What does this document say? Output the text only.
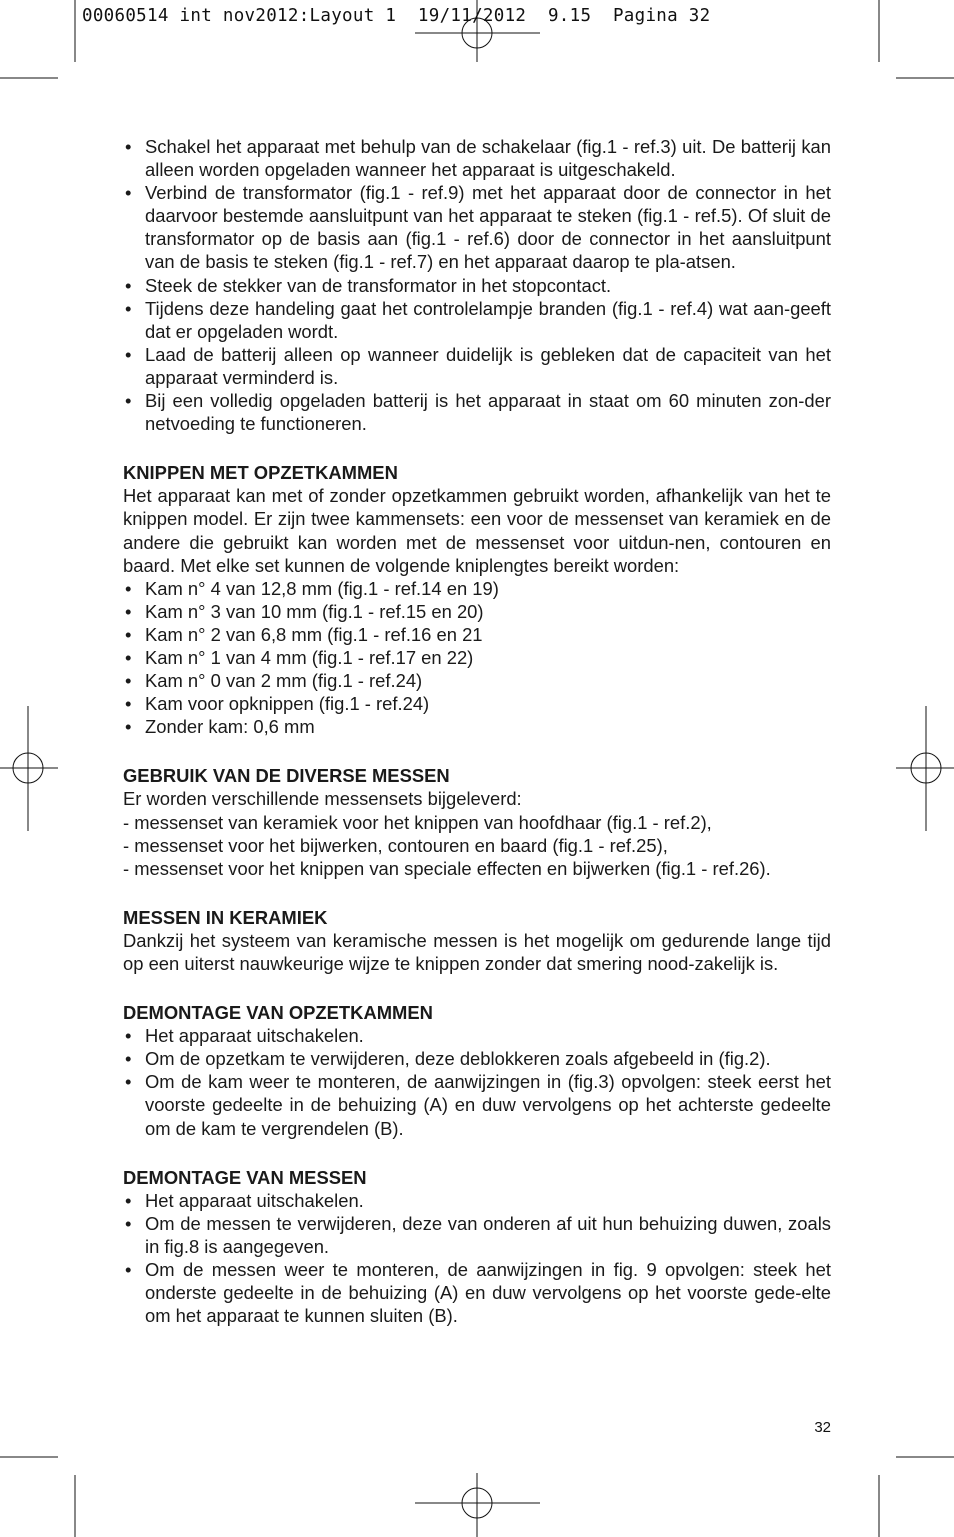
00060514 int nov2012:Layout 1  19/11/2012  9.15  Pagina 32
• Schakel het apparaat met behulp van de schakelaar (fig.1 - ref.3) uit. De batterij kan alleen worden opgeladen wanneer het apparaat is uitgeschakeld.
• Verbind de transformator (fig.1 - ref.9) met het apparaat door de connector in het daarvoor bestemde aansluitpunt van het apparaat te steken (fig.1 - ref.5). Of sluit de transformator op de basis aan (fig.1 - ref.6) door de connector in het aansluitpunt van de basis te steken (fig.1 - ref.7) en het apparaat daarop te pla-atsen.
• Steek de stekker van de transformator in het stopcontact.
• Tijdens deze handeling gaat het controlelampje branden (fig.1 - ref.4) wat aan-geeft dat er opgeladen wordt.
• Laad de batterij alleen op wanneer duidelijk is gebleken dat de capaciteit van het apparaat verminderd is.
• Bij een volledig opgeladen batterij is het apparaat in staat om 60 minuten zon-der netvoeding te functioneren.
KNIPPEN MET OPZETKAMMEN

Het apparaat kan met of zonder opzetkammen gebruikt worden, afhankelijk van het te knippen model. Er zijn twee kammensets: een voor de messenset van keramiek en de andere die gebruikt kan worden met de messenset voor uitdun-nen, contouren en baard. Met elke set kunnen de volgende kniplengtes bereikt worden:

• Kam n° 4 van 12,8 mm (fig.1 - ref.14 en 19)
• Kam n° 3 van 10 mm (fig.1 - ref.15 en 20)
• Kam n° 2 van 6,8 mm (fig.1 - ref.16 en 21
• Kam n° 1 van 4 mm (fig.1 - ref.17 en 22)
• Kam n° 0 van 2 mm (fig.1 - ref.24)
• Kam voor opknippen (fig.1 - ref.24)
• Zonder kam: 0,6 mm
GEBRUIK VAN DE DIVERSE MESSEN

Er worden verschillende messensets bijgeleverd:

- messenset van keramiek voor het knippen van hoofdhaar (fig.1 - ref.2),

- messenset voor het bijwerken, contouren en baard (fig.1 - ref.25),

- messenset voor het knippen van speciale effecten en bijwerken (fig.1 - ref.26).

MESSEN IN KERAMIEK

Dankzij het systeem van keramische messen is het mogelijk om gedurende lange tijd op een uiterst nauwkeurige wijze te knippen zonder dat smering nood-zakelijk is.

DEMONTAGE VAN OPZETKAMMEN
• Het apparaat uitschakelen.
• Om de opzetkam te verwijderen, deze deblokkeren zoals afgebeeld in (fig.2).
• Om de kam weer te monteren, de aanwijzingen in (fig.3) opvolgen: steek eerst het voorste gedeelte in de behuizing (A) en duw vervolgens op het achterste gedeelte om de kam te vergrendelen (B).
DEMONTAGE VAN MESSEN
• Het apparaat uitschakelen.
• Om de messen te verwijderen, deze van onderen af uit hun behuizing duwen, zoals in fig.8 is aangegeven.
• Om de messen weer te monteren, de aanwijzingen in fig. 9 opvolgen: steek het onderste gedeelte in de behuizing (A) en duw vervolgens op het voorste gede-elte om het apparaat te kunnen sluiten (B).
32
